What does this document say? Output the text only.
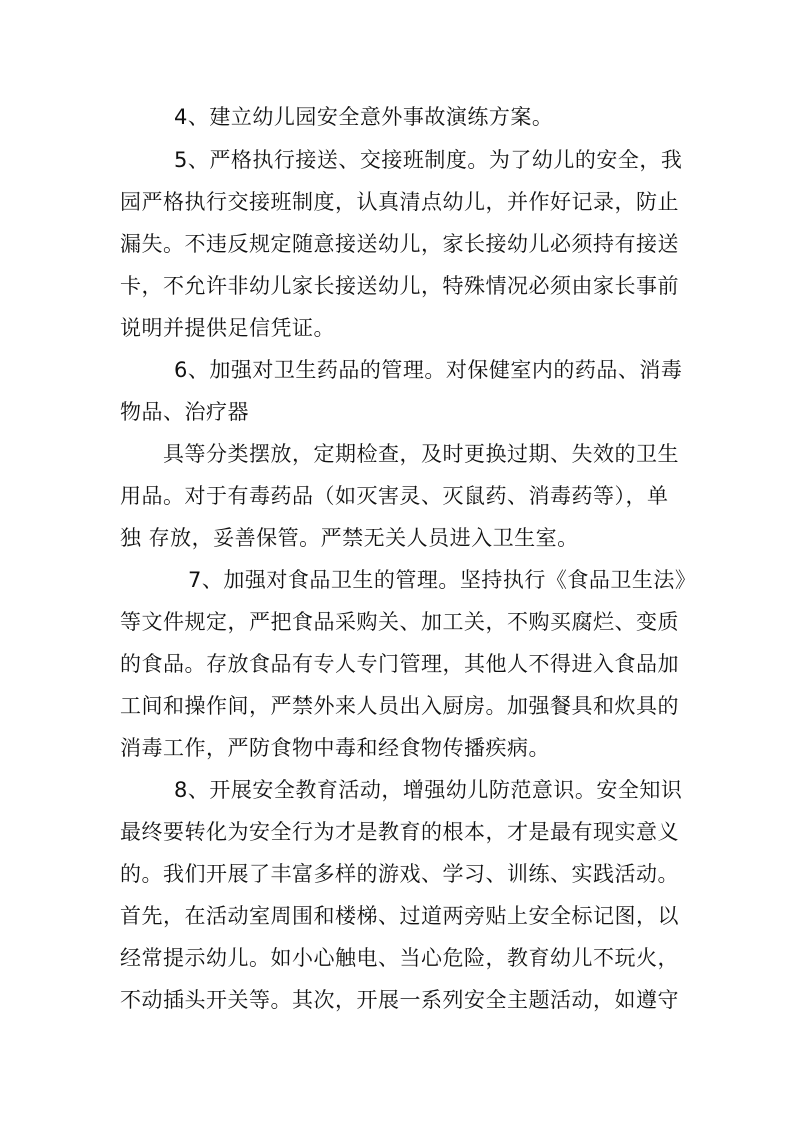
4、建立幼儿园安全意外事故演练方案。
5、严格执行接送、交接班制度。为了幼儿的安全，我
园严格执行交接班制度，认真清点幼儿，并作好记录，防止
漏失。不违反规定随意接送幼儿，家长接幼儿必须持有接送
卡，不允许非幼儿家长接送幼儿，特殊情况必须由家长事前
说明并提供足信凭证。
6、加强对卫生药品的管理。对保健室内的药品、消毒
物品、治疗器
具等分类摆放，定期检查，及时更换过期、失效的卫生
用品。对于有毒药品（如灭害灵、灭鼠药、消毒药等），单
独 存放，妥善保管。严禁无关人员进入卫生室。
7、加强对食品卫生的管理。坚持执行《食品卫生法》
等文件规定，严把食品采购关、加工关，不购买腐烂、变质
的食品。存放食品有专人专门管理，其他人不得进入食品加
工间和操作间，严禁外来人员出入厨房。加强餐具和炊具的
消毒工作，严防食物中毒和经食物传播疾病。
8、开展安全教育活动，增强幼儿防范意识。安全知识
最终要转化为安全行为才是教育的根本，才是最有现实意义
的。我们开展了丰富多样的游戏、学习、训练、实践活动。
首先，在活动室周围和楼梯、过道两旁贴上安全标记图，以
经常提示幼儿。如小心触电、当心危险，教育幼儿不玩火，
不动插头开关等。其次，开展一系列安全主题活动，如遵守
